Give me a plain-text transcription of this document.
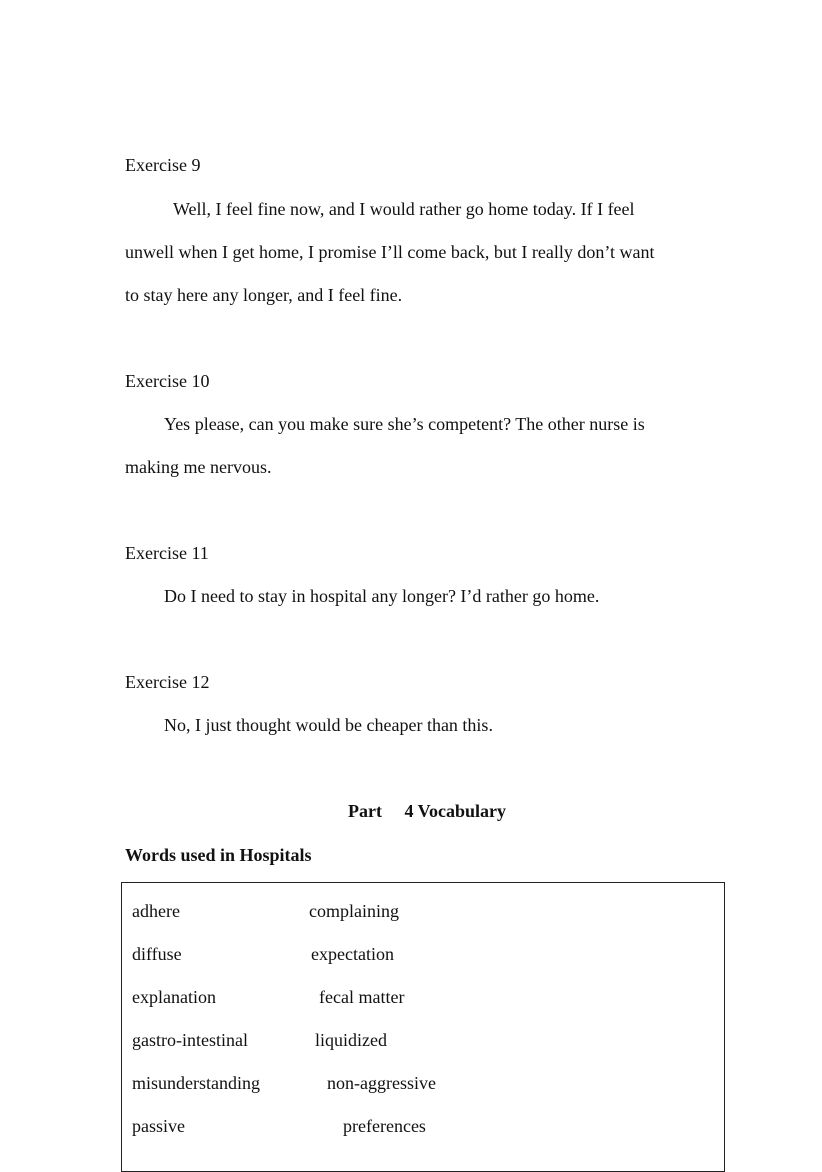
Exercise 9
Well, I feel fine now, and I would rather go home today. If I feel
unwell when I get home, I promise I’ll come back, but I really don’t want
to stay here any longer, and I feel fine.
Exercise 10
Yes please, can you make sure she’s competent? The other nurse is
making me nervous.
Exercise 11
Do I need to stay in hospital any longer? I’d rather go home.
Exercise 12
No, I just thought would be cheaper than this.
Part　 4 Vocabulary
Words used in Hospitals
adhere	complaining
diffuse	expectation
explanation	fecal matter
gastro-intestinal	liquidized
misunderstanding	non-aggressive
passive	preferences
